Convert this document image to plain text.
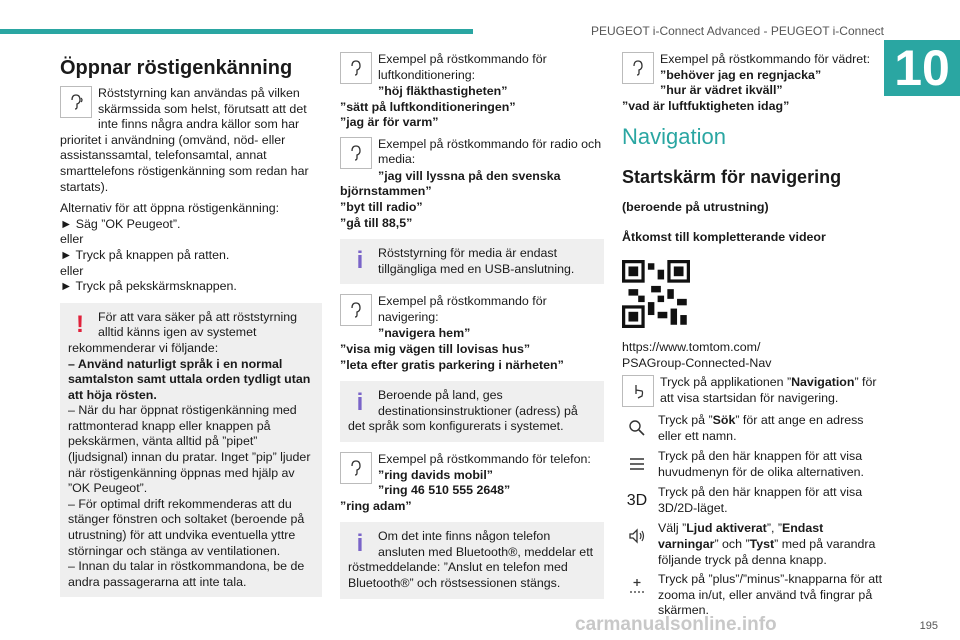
PEUGEOT i-Connect Advanced - PEUGEOT i-Connect
10
Öppnar röstigenkänning

Röststyrning kan användas på vilken skärmssida som helst, förutsatt att det inte finns några andra källor som har prioritet i användning (omvänd, nöd- eller assistanssamtal, telefonsamtal, annat smarttelefons röstigenkänning som redan har startats).

Alternativ för att öppna röstigenkänning:

► Säg ”OK Peugeot”.

eller

► Tryck på knappen på ratten.

eller

► Tryck på pekskärmsknappen.

!	För att vara säker på att röststyrning alltid känns igen av systemet rekommenderar vi följande:

– Använd naturligt språk i en normal samtalston samt uttala orden tydligt utan att höja rösten.

– När du har öppnat röstigenkänning med rattmonterad knapp eller knappen på pekskärmen, vänta alltid på ”pipet” (ljudsignal) innan du pratar. Inget ”pip” ljuder när röstigenkänning öppnas med hjälp av ”OK Peugeot”.
– För optimal drift rekommenderas att du stänger fönstren och soltaket (beroende på utrustning) för att undvika eventuella yttre störningar och stänga av ventilationen.
– Innan du talar in röstkommandona, be de andra passagerarna att inte tala.

Exempel på röstkommando för luftkonditionering:

”höj fläkthastigheten”
”sätt på luftkonditioneringen”
”jag är för varm”

Exempel på röstkommando för radio och media:

”jag vill lyssna på den svenska björnstammen”
”byt till radio”
”gå till 88,5”

i	Röststyrning för media är endast tillgängliga med en USB-anslutning.

Exempel på röstkommando för navigering:

”navigera hem”
”visa mig vägen till lovisas hus”
”leta efter gratis parkering i närheten”

i	Beroende på land, ges destinationsinstruktioner (adress) på det språk som konfigurerats i systemet.

Exempel på röstkommando för telefon:

”ring davids mobil”

”ring 46 510 555 2648”
”ring adam”

i	Om det inte finns någon telefon ansluten med Bluetooth®, meddelar ett röstmeddelande: ”Anslut en telefon med Bluetooth®” och röstsessionen stängs.

Exempel på röstkommando för vädret:

”behöver jag en regnjacka”

”hur är vädret ikväll”
”vad är luftfuktigheten idag”

Navigation
Startskärm för navigering

(beroende på utrustning)

Åtkomst till kompletterande videor

https://www.tomtom.com/
PSAGroup-Connected-Nav

Tryck på applikationen ”Navigation” för att visa startsidan för navigering.

Tryck på ”Sök” för att ange en adress eller ett namn.

Tryck på den här knappen för att visa huvudmenyn för de olika alternativen.

3D Tryck på den här knappen för att visa 3D/2D-läget.

Välj ”Ljud aktiverat”, ”Endast varningar” och ”Tyst” med på varandra följande tryck på denna knapp.

Tryck på ”plus”/”minus”-knapparna för att zooma in/ut, eller använd två fingrar på skärmen.

carmanualsonline.info	195
